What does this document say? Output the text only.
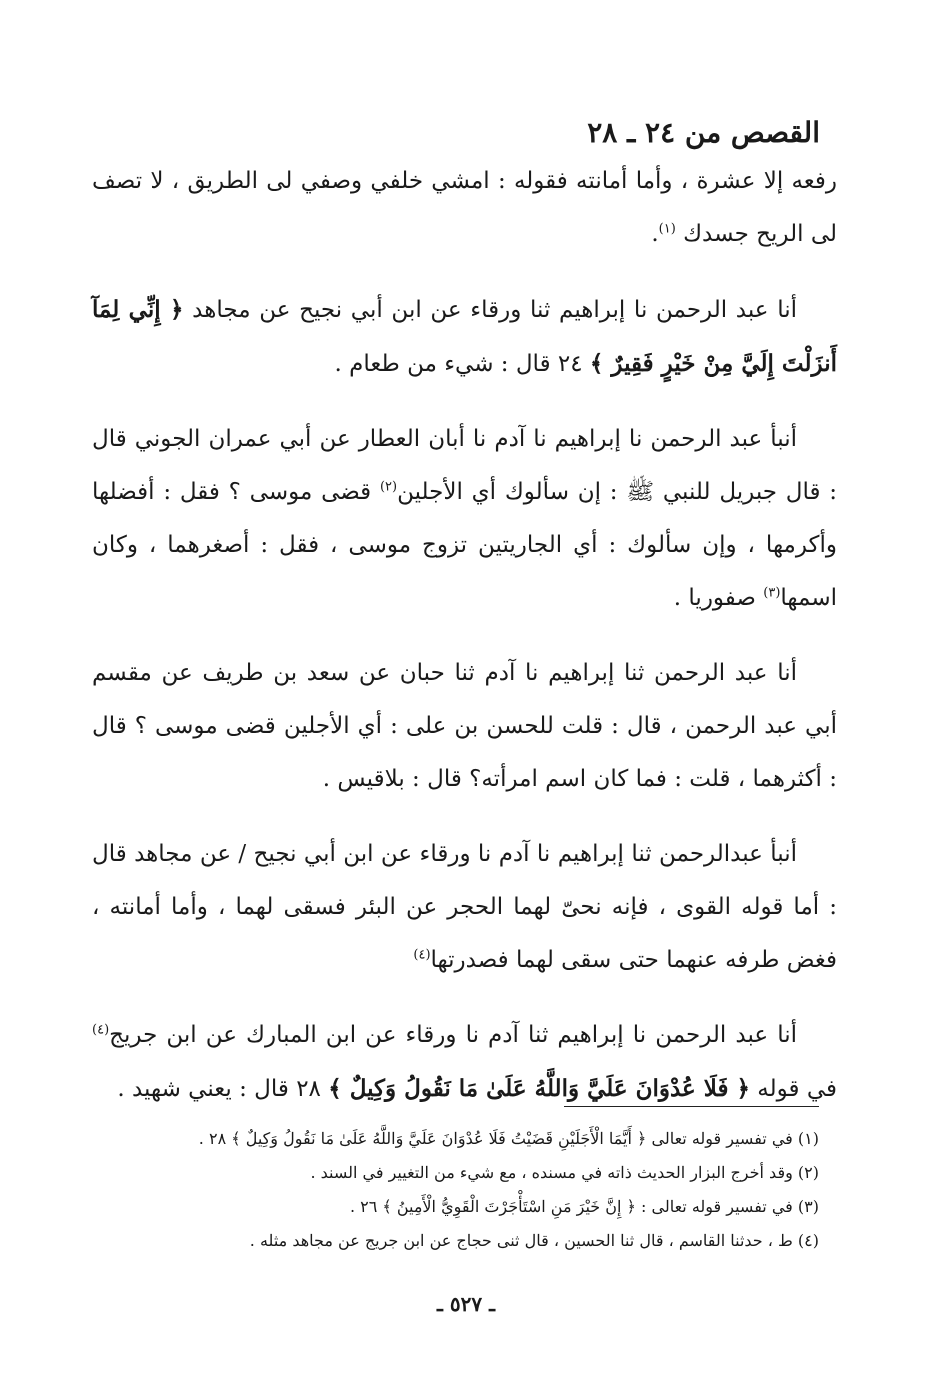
القصص من ٢٤ ـ ٢٨

رفعه إلا عشرة ، وأما أمانته فقوله : امشي خلفي وصفي لى الطريق ، لا تصف لى الريح جسدك $^{(١)}$.

أنا عبد الرحمن نا إبراهيم ثنا ورقاء عن ابن أبي نجيح عن مجاهد ﴿ إِنِّي لِمَآ أَنزَلْتَ إِلَيَّ مِنْ خَيْرٍ فَقِيرٌ ﴾ ٢٤ قال : شيء من طعام .

أنبأ عبد الرحمن نا إبراهيم نا آدم نا أبان العطار عن أبي عمران الجوني قال : قال جبريل للنبي ﷺ : إن سألوك أي الأجلين$^{(٢)}$ قضى موسى ؟ فقل : أفضلها وأكرمها ، وإن سألوك : أي الجاريتين تزوج موسى ، فقل : أصغرهما ، وكان اسمها$^{(٣)}$ صفوريا .

أنا عبد الرحمن ثنا إبراهيم نا آدم ثنا حبان عن سعد بن طريف عن مقسم أبي عبد الرحمن ، قال : قلت للحسن بن على : أي الأجلين قضى موسى ؟ قال : أكثرهما ، قلت : فما كان اسم امرأته؟ قال : بلاقيس .

أنبأ عبدالرحمن ثنا إبراهيم نا آدم نا ورقاء عن ابن أبي نجيح / عن مجاهد قال : أما قوله القوى ، فإنه نحىّ لهما الحجر عن البئر فسقى لهما ، وأما أمانته ، فغض طرفه عنهما حتى سقى لهما فصدرتها$^{(٤)}$

أنا عبد الرحمن نا إبراهيم ثنا آدم نا ورقاء عن ابن المبارك عن ابن جريج$^{(٤)}$ في قوله ﴿ فَلَا عُدْوَانَ عَلَيَّ وَاللَّهُ عَلَىٰ مَا نَقُولُ وَكِيلٌ ﴾ ٢٨ قال : يعني شهيد .

(١) في تفسير قوله تعالى ﴿ أَيَّمَا الْأَجَلَيْنِ قَضَيْتُ فَلَا عُدْوَانَ عَلَيَّ وَاللَّهُ عَلَىٰ مَا نَقُولُ وَكِيلٌ ﴾ ٢٨ .

(٢) وقد أخرج البزار الحديث ذاته في مسنده ، مع شيء من التغيير في السند .

(٣) في تفسير قوله تعالى : ﴿ إِنَّ خَيْرَ مَنِ اسْتَأْجَرْتَ الْقَوِيُّ الْأَمِينُ ﴾ ٢٦ .

(٤) ط ، حدثنا القاسم ، قال ثنا الحسين ، قال ثنى حجاج عن ابن جريج عن مجاهد مثله .

ـ ٥٢٧ ـ
